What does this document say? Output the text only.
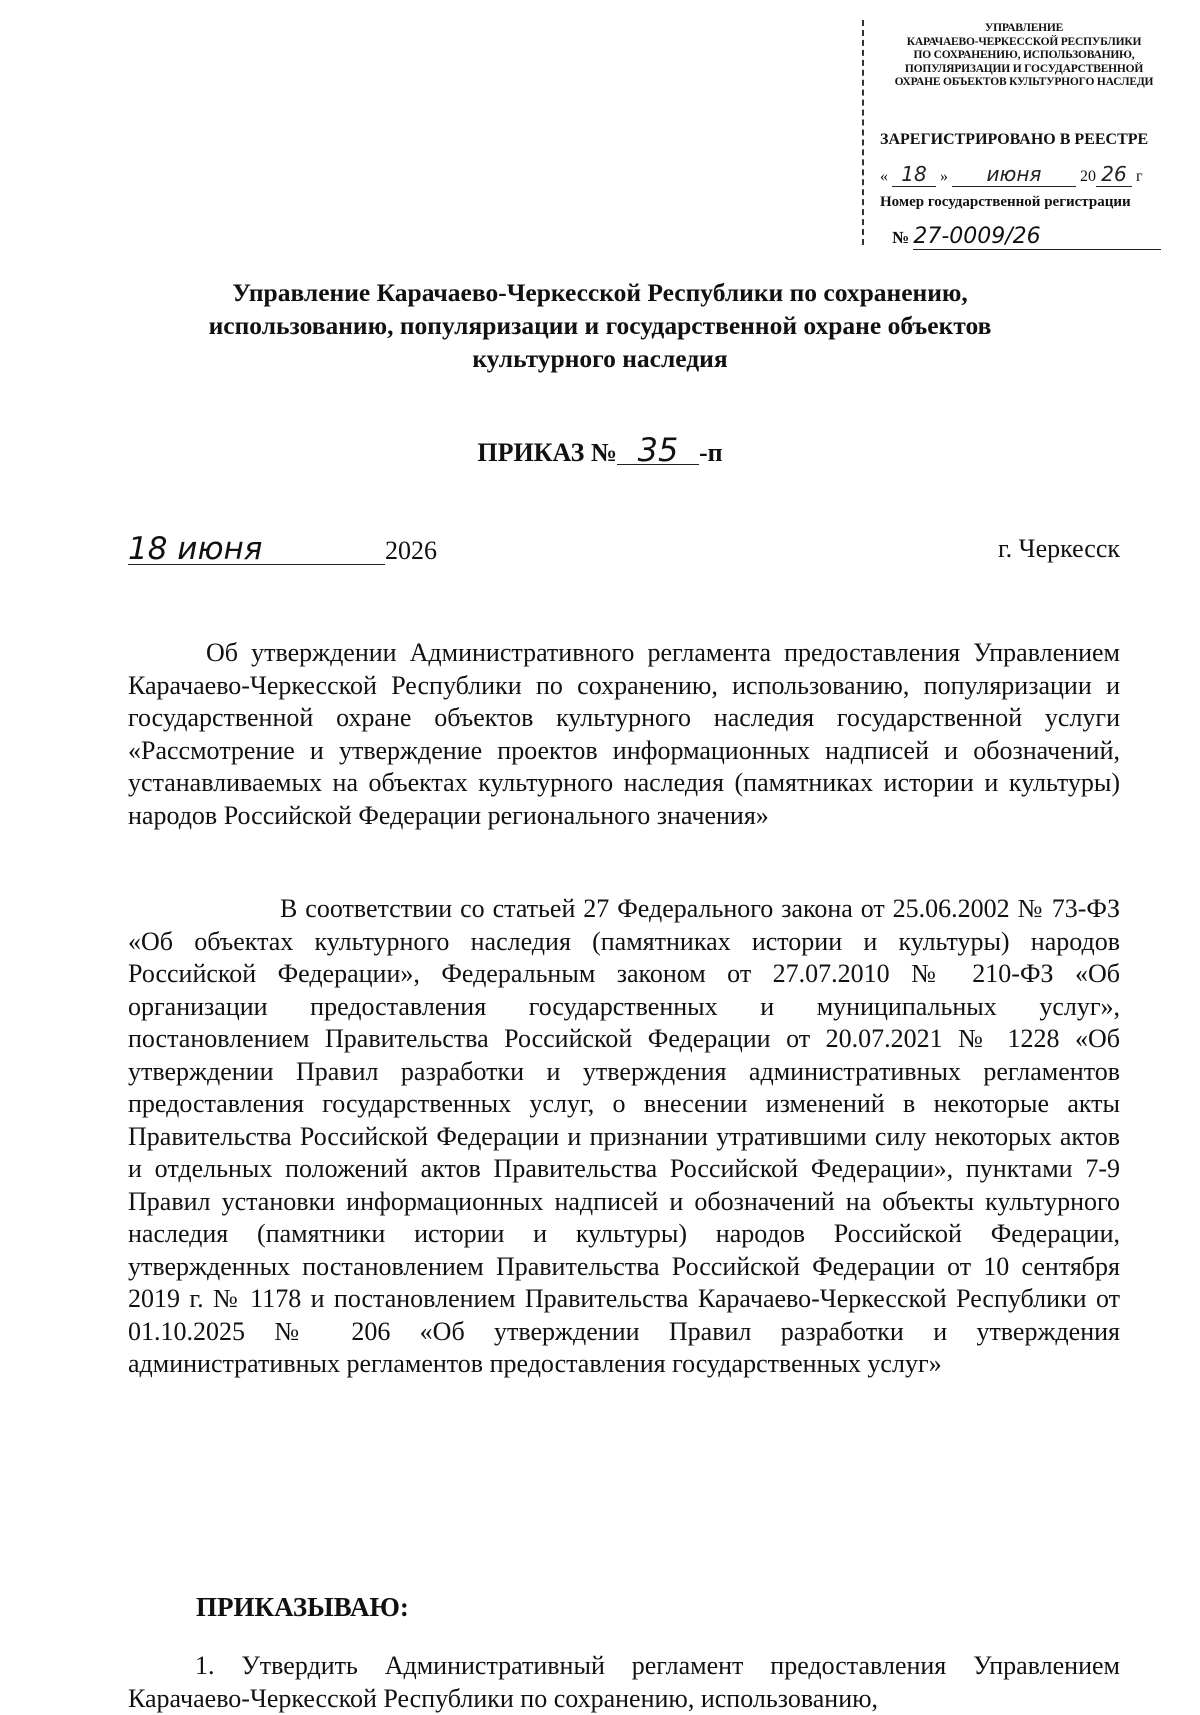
УПРАВЛЕНИЕ
КАРАЧАЕВО-ЧЕРКЕССКОЙ РЕСПУБЛИКИ
ПО СОХРАНЕНИЮ, ИСПОЛЬЗОВАНИЮ,
ПОПУЛЯРИЗАЦИИ И ГОСУДАРСТВЕННОЙ
ОХРАНЕ ОБЪЕКТОВ КУЛЬТУРНОГО НАСЛЕДИ
ЗАРЕГИСТРИРОВАНО В РЕЕСТРЕ
« 18 » июня 20 26 г
Номер государственной регистрации
№ 27-0009/26
Управление Карачаево-Черкесской Республики по сохранению,
использованию, популяризации и государственной охране объектов
культурного наследия
ПРИКАЗ № 35 -п
18 июня	2026	г. Черкесск

Об утверждении Административного регламента предоставления Управлением Карачаево-Черкесской Республики по сохранению, использованию, популяризации и государственной охране объектов культурного наследия государственной услуги «Рассмотрение и утверждение проектов информационных надписей и обозначений, устанавливаемых на объектах культурного наследия (памятниках истории и культуры) народов Российской Федерации регионального значения»

В соответствии со статьей 27 Федерального закона от 25.06.2002 № 73-ФЗ «Об объектах культурного наследия (памятниках истории и культуры) народов Российской Федерации», Федеральным законом от 27.07.2010 № 210-ФЗ «Об организации предоставления государственных и муниципальных услуг», постановлением Правительства Российской Федерации от 20.07.2021 № 1228 «Об утверждении Правил разработки и утверждения административных регламентов предоставления государственных услуг, о внесении изменений в некоторые акты Правительства Российской Федерации и признании утратившими силу некоторых актов и отдельных положений актов Правительства Российской Федерации», пунктами 7-9 Правил установки информационных надписей и обозначений на объекты культурного наследия (памятники истории и культуры) народов Российской Федерации, утвержденных постановлением Правительства Российской Федерации от 10 сентября 2019 г. № 1178 и постановлением Правительства Карачаево-Черкесской Республики от 01.10.2025 № 206 «Об утверждении Правил разработки и утверждения административных регламентов предоставления государственных услуг»

ПРИКАЗЫВАЮ:

1. Утвердить Административный регламент предоставления Управлением Карачаево-Черкесской Республики по сохранению, использованию,
